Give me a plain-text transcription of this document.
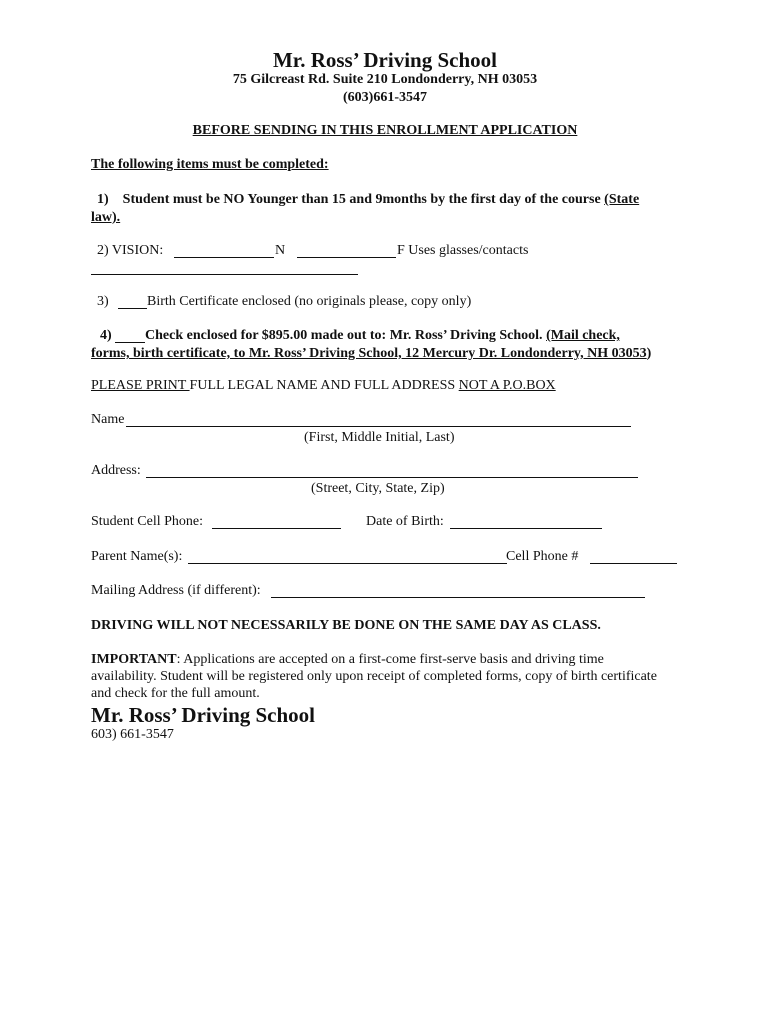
Mr. Ross’ Driving School
75 Gilcreast Rd. Suite 210 Londonderry, NH 03053
(603)661-3547
BEFORE SENDING IN THIS ENROLLMENT APPLICATION
The following items must be completed:
1) Student must be NO Younger than 15 and 9months by the first day of the course (State
law).
2) VISION:	N	F Uses glasses/contacts
3)	Birth Certificate enclosed (no originals please, copy only)
4) Check enclosed for $895.00 made out to: Mr. Ross’ Driving School. (Mail check,
forms, birth certificate, to Mr. Ross’ Driving School, 12 Mercury Dr. Londonderry, NH 03053)
PLEASE PRINT FULL LEGAL NAME AND FULL ADDRESS NOT A P.O.BOX
Name
(First, Middle Initial, Last)
Address:
(Street, City, State, Zip)
Student Cell Phone:	Date of Birth:
Parent Name(s):	Cell Phone #
Mailing Address (if different):
DRIVING WILL NOT NECESSARILY BE DONE ON THE SAME DAY AS CLASS.
IMPORTANT: Applications are accepted on a first-come first-serve basis and driving time
availability. Student will be registered only upon receipt of completed forms, copy of birth certificate
and check for the full amount.
Mr. Ross’ Driving School
603) 661-3547
